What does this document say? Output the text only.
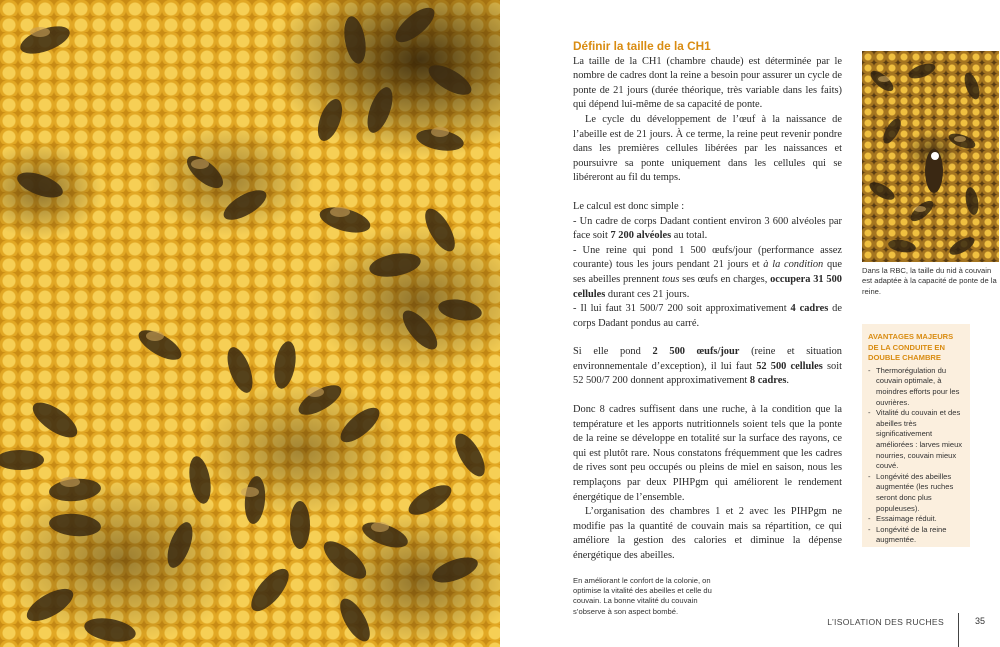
Définir la taille de la CH1

La taille de la CH1 (chambre chaude) est déterminée par le nombre de cadres dont la reine a besoin pour assurer un cycle de ponte de 21 jours (durée théorique, très variable dans les faits) qui dépend lui-même de sa capacité de ponte.

Le cycle du développement de l’œuf à la naissance de l’abeille est de 21 jours. À ce terme, la reine peut revenir pondre dans les premières cellules libérées par les naissances et poursuivre sa ponte uniquement dans les cellules qui se libéreront au fil du temps.

Le calcul est donc simple :

- Un cadre de corps Dadant contient environ 3 600 alvéoles par face soit 7 200 alvéoles au total.

- Une reine qui pond 1 500 œufs/jour (performance assez courante) tous les jours pendant 21 jours et à la condition que ses abeilles prennent tous ses œufs en charges, occupera 31 500 cellules durant ces 21 jours.

- Il lui faut 31 500/7 200 soit approximativement 4 cadres de corps Dadant pondus au carré.

Si elle pond 2 500 œufs/jour (reine et situation environnementale d’exception), il lui faut 52 500 cellules soit 52 500/7 200 donnent approximativement 8 cadres.

Donc 8 cadres suffisent dans une ruche, à la condition que la température et les apports nutritionnels soient tels que la ponte de la reine se développe en totalité sur la surface des rayons, ce qui est plutôt rare. Nous constatons fréquemment que les cadres de rives sont peu occupés ou pleins de miel en saison, nous les remplaçons par deux PIHPgm qui améliorent le rendement énergétique de l’ensemble.

L’organisation des chambres 1 et 2 avec les PIHPgm ne modifie pas la quantité de couvain mais sa répartition, ce qui améliore la gestion des calories et diminue la dépense énergétique des abeilles.

Dans la RBC, la taille du nid à couvain est adaptée à la capacité de ponte de la reine.
AVANTAGES MAJEURS DE LA CONDUITE EN DOUBLE CHAMBRE
- Thermorégulation du couvain optimale, à moindres efforts pour les ouvrières.
- Vitalité du couvain et des abeilles très significativement améliorées : larves mieux nourries, couvain mieux couvé.
- Longévité des abeilles augmentée (les ruches seront donc plus populeuses).
- Essaimage réduit.
- Longévité de la reine augmentée.
En améliorant le confort de la colonie, on optimise la vitalité des abeilles et celle du couvain. La bonne vitalité du couvain s’observe à son aspect bombé.
L’ISOLATION DES RUCHES	35
